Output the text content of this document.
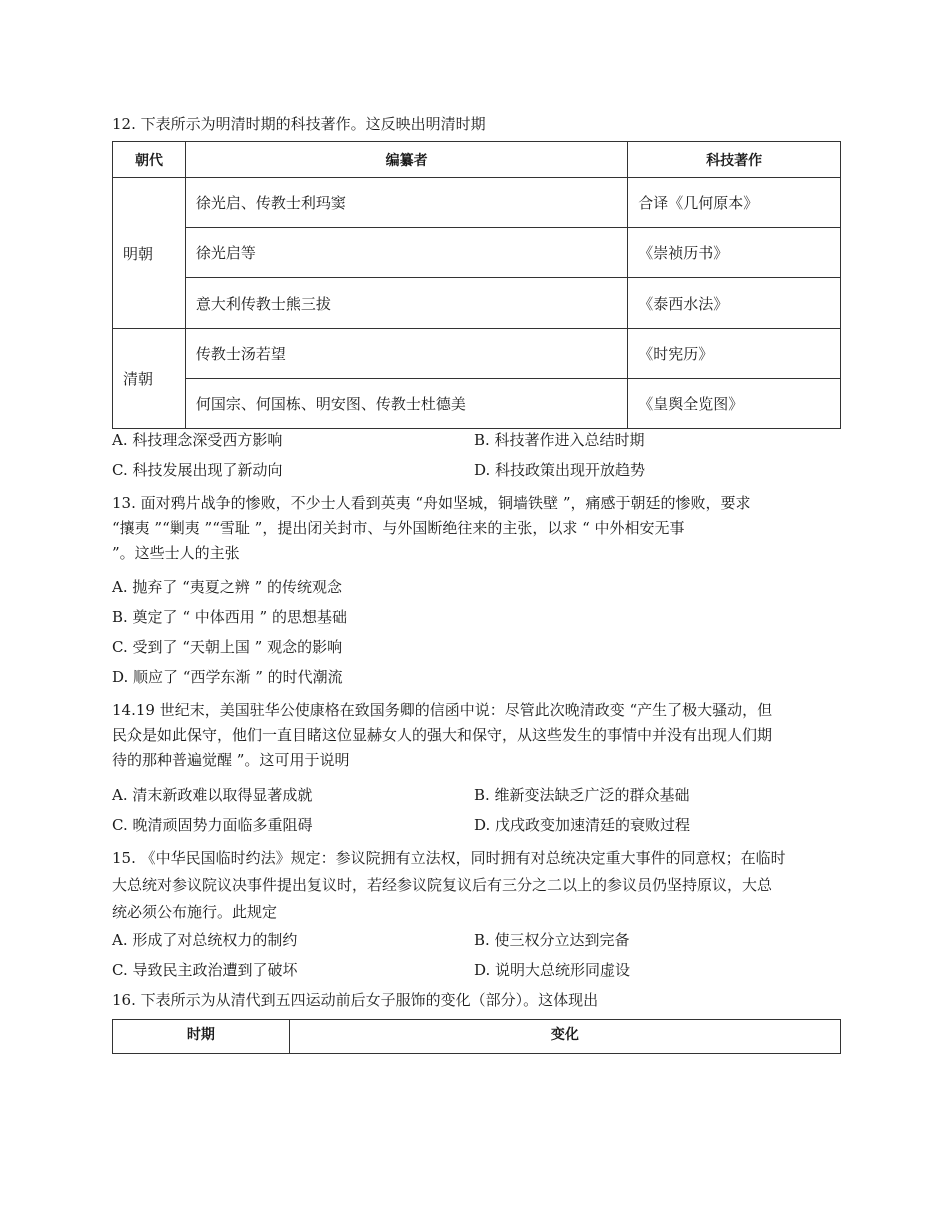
12. 下表所示为明清时期的科技著作。这反映出明清时期
朝代	编纂者	科技著作
明朝	徐光启、传教士利玛窦	合译《几何原本》
	徐光启等	《崇祯历书》
	意大利传教士熊三拔	《泰西水法》
清朝	传教士汤若望	《时宪历》
	何国宗、何国栋、明安图、传教士杜德美	《皇舆全览图》
A. 科技理念深受西方影响	B. 科技著作进入总结时期
C. 科技发展出现了新动向	D. 科技政策出现开放趋势
13. 面对鸦片战争的惨败，不少士人看到英夷 “舟如坚城，铜墙铁壁 ”，痛感于朝廷的惨败，要求
“攘夷 ”“剿夷 ”“雪耻 ”，提出闭关封市、与外国断绝往来的主张，以求 “ 中外相安无事
”。这些士人的主张
A. 抛弃了 “夷夏之辨 ” 的传统观念
B. 奠定了 “ 中体西用 ” 的思想基础
C. 受到了 “天朝上国 ” 观念的影响
D. 顺应了 “西学东渐 ” 的时代潮流
14.19 世纪末，美国驻华公使康格在致国务卿的信函中说：尽管此次晚清政变 “产生了极大骚动，但
民众是如此保守，他们一直目睹这位显赫女人的强大和保守，从这些发生的事情中并没有出现人们期
待的那种普遍觉醒 ”。这可用于说明
A. 清末新政难以取得显著成就	B. 维新变法缺乏广泛的群众基础
C. 晚清顽固势力面临多重阻碍	D. 戊戌政变加速清廷的衰败过程
15. 《中华民国临时约法》规定：参议院拥有立法权，同时拥有对总统决定重大事件的同意权；在临时
大总统对参议院议决事件提出复议时，若经参议院复议后有三分之二以上的参议员仍坚持原议，大总
统必须公布施行。此规定
A. 形成了对总统权力的制约	B. 使三权分立达到完备
C. 导致民主政治遭到了破坏	D. 说明大总统形同虚设
16. 下表所示为从清代到五四运动前后女子服饰的变化（部分）。这体现出
时期	变化
